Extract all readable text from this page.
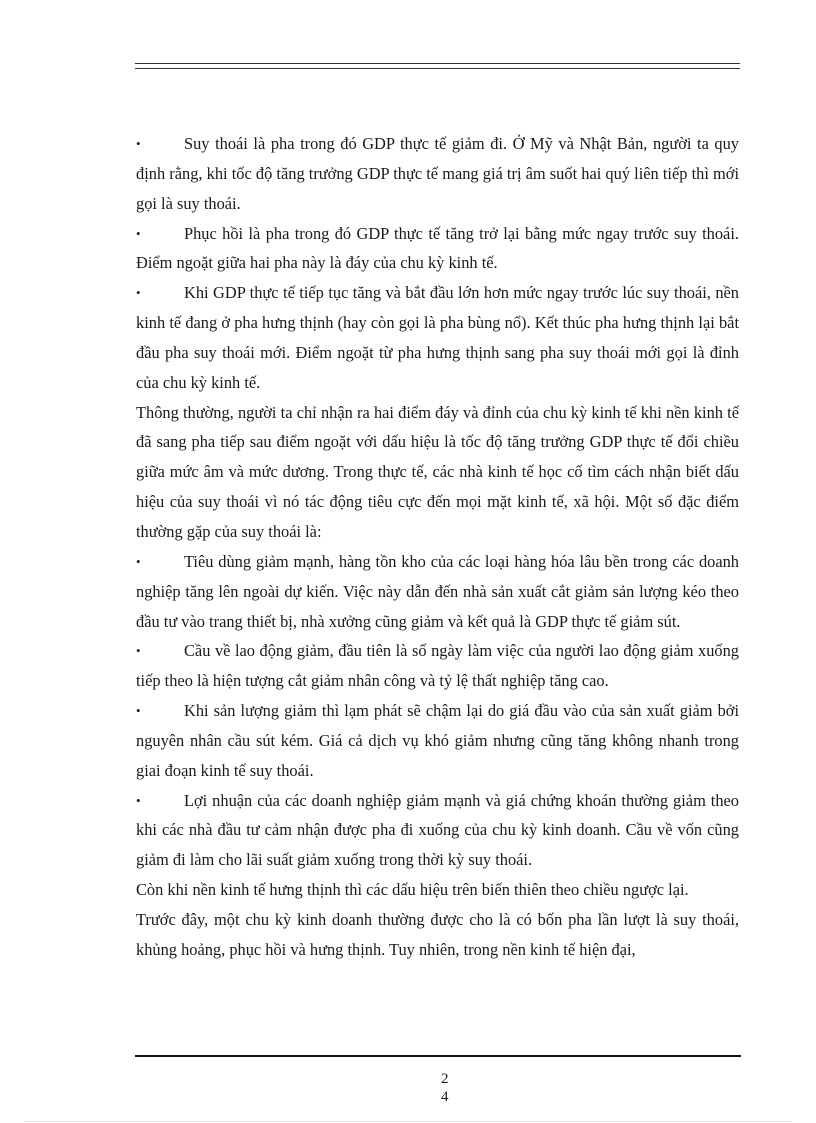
•	Suy thoái là pha trong đó GDP thực tế giảm đi. Ở Mỹ và Nhật Bản, người ta quy định rằng, khi tốc độ tăng trưởng GDP thực tế mang giá trị âm suốt hai quý liên tiếp thì mới gọi là suy thoái.

•	Phục hồi là pha trong đó GDP thực tế tăng trở lại bằng mức ngay trước suy thoái. Điểm ngoặt giữa hai pha này là đáy của chu kỳ kinh tế.

•	Khi GDP thực tế tiếp tục tăng và bắt đầu lớn hơn mức ngay trước lúc suy thoái, nền kinh tế đang ở pha hưng thịnh (hay còn gọi là pha bùng nổ). Kết thúc pha hưng thịnh lại bắt đầu pha suy thoái mới. Điểm ngoặt từ pha hưng thịnh sang pha suy thoái mới gọi là đỉnh của chu kỳ kinh tế.

Thông thường, người ta chỉ nhận ra hai điểm đáy và đỉnh của chu kỳ kinh tế khi nền kinh tế đã sang pha tiếp sau điểm ngoặt với dấu hiệu là tốc độ tăng trưởng GDP thực tế đổi chiều giữa mức âm và mức dương. Trong thực tế, các nhà kinh tế học cố tìm cách nhận biết dấu hiệu của suy thoái vì nó tác động tiêu cực đến mọi mặt kinh tế, xã hội. Một số đặc điểm thường gặp của suy thoái là:

•	Tiêu dùng giảm mạnh, hàng tồn kho của các loại hàng hóa lâu bền trong các doanh nghiệp tăng lên ngoài dự kiến. Việc này dẫn đến nhà sản xuất cắt giảm sản lượng kéo theo đầu tư vào trang thiết bị, nhà xưởng cũng giảm và kết quả là GDP thực tế giảm sút.

•	Cầu về lao động giảm, đầu tiên là số ngày làm việc của người lao động giảm xuống tiếp theo là hiện tượng cắt giảm nhân công và tỷ lệ thất nghiệp tăng cao.

•	Khi sản lượng giảm thì lạm phát sẽ chậm lại do giá đầu vào của sản xuất giảm bởi nguyên nhân cầu sút kém. Giá cả dịch vụ khó giảm nhưng cũng tăng không nhanh trong giai đoạn kinh tế suy thoái.

•	Lợi nhuận của các doanh nghiệp giảm mạnh và giá chứng khoán thường giảm theo khi các nhà đầu tư cảm nhận được pha đi xuống của chu kỳ kinh doanh. Cầu về vốn cũng giảm đi làm cho lãi suất giảm xuống trong thời kỳ suy thoái.

Còn khi nền kinh tế hưng thịnh thì các dấu hiệu trên biến thiên theo chiều ngược lại.

Trước đây, một chu kỳ kinh doanh thường được cho là có bốn pha lần lượt là suy thoái, khủng hoảng, phục hồi và hưng thịnh. Tuy nhiên, trong nền kinh tế hiện đại,

2
4
